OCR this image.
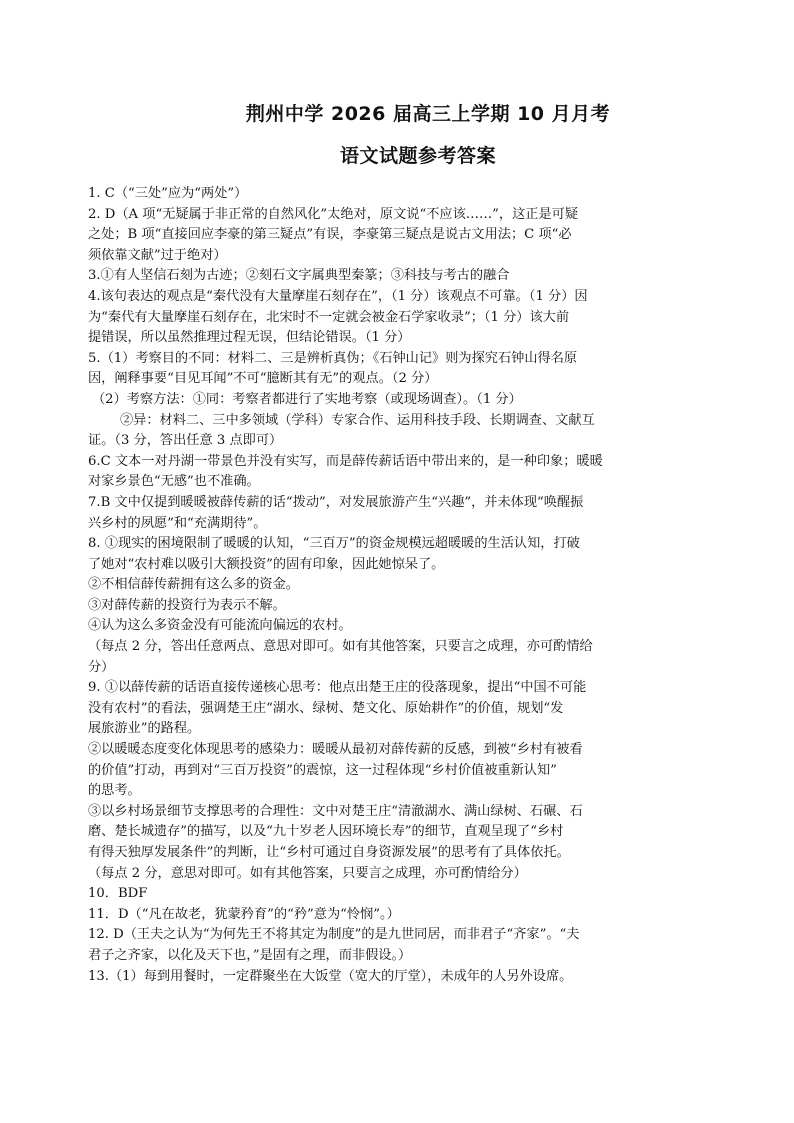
荆州中学 2026 届高三上学期 10 月月考
语文试题参考答案

1. C（“三处”应为“两处”）

2. D（A 项“无疑属于非正常的自然风化”太绝对，原文说“不应该……”，这正是可疑

之处；B 项“直接回应李豪的第三疑点”有误，李豪第三疑点是说古文用法；C 项“必

须依靠文献”过于绝对）

3.①有人坚信石刻为古迹；②刻石文字属典型秦篆；③科技与考古的融合

4.该句表达的观点是“秦代没有大量摩崖石刻存在”，（1 分）该观点不可靠。（1 分）因

为“秦代有大量摩崖石刻存在，北宋时不一定就会被金石学家收录”；（1 分）该大前

提错误，所以虽然推理过程无误，但结论错误。（1 分）

5.（1）考察目的不同：材料二、三是辨析真伪；《石钟山记》则为探究石钟山得名原

因，阐释事要“目见耳闻”不可“臆断其有无”的观点。（2 分）

（2）考察方法：①同：考察者都进行了实地考察（或现场调查）。（1 分）

②异：材料二、三中多领域（学科）专家合作、运用科技手段、长期调查、文献互

证。（3 分，答出任意 3 点即可）

6.C 文本一对丹湖一带景色并没有实写，而是薛传薪话语中带出来的，是一种印象；暖暖

对家乡景色“无感”也不准确。

7.B 文中仅提到暖暖被薛传薪的话“拨动”，对发展旅游产生“兴趣”，并未体现“唤醒振

兴乡村的夙愿”和“充满期待”。

8. ①现实的困境限制了暖暖的认知，“三百万”的资金规模远超暖暖的生活认知，打破

了她对“农村难以吸引大额投资”的固有印象，因此她惊呆了。

②不相信薛传薪拥有这么多的资金。

③对薛传薪的投资行为表示不解。

④认为这么多资金没有可能流向偏远的农村。

（每点 2 分，答出任意两点、意思对即可。如有其他答案，只要言之成理，亦可酌情给

分）

9. ①以薛传薪的话语直接传递核心思考：他点出楚王庄的役落现象，提出“中国不可能

没有农村”的看法，强调楚王庄“湖水、绿树、楚文化、原始耕作”的价值，规划“发

展旅游业”的路程。

②以暖暖态度变化体现思考的感染力：暖暖从最初对薛传薪的反感，到被“乡村有被看

的价值”打动，再到对“三百万投资”的震惊，这一过程体现“乡村价值被重新认知”

的思考。

③以乡村场景细节支撑思考的合理性：文中对楚王庄“清澈湖水、满山绿树、石碾、石

磨、楚长城遗存”的描写，以及“九十岁老人因环境长寿”的细节，直观呈现了“乡村

有得天独厚发展条件”的判断，让“乡村可通过自身资源发展”的思考有了具体依托。

（每点 2 分，意思对即可。如有其他答案，只要言之成理，亦可酌情给分）

10．BDF

11．D（“凡在故老，犹蒙矜育”的“矜”意为“怜悯”。）

12. D（王夫之认为“为何先王不将其定为制度”的是九世同居，而非君子“齐家”。“夫

君子之齐家，以化及天下也，”是固有之理，而非假设。）

13.（1）每到用餐时，一定群聚坐在大饭堂（宽大的厅堂），未成年的人另外设席。
